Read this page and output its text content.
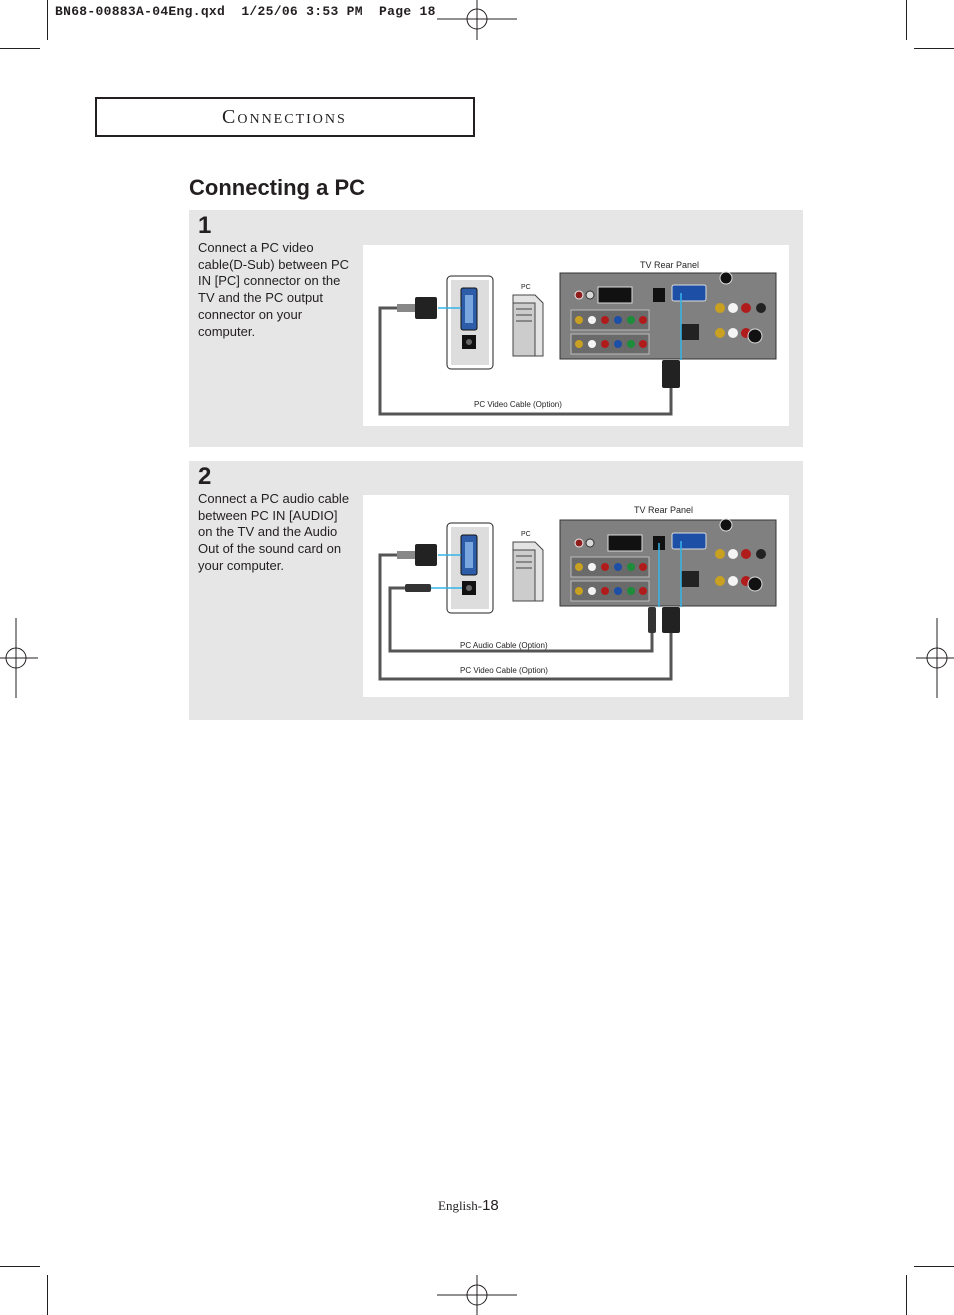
BN68-00883A-04Eng.qxd  1/25/06 3:53 PM  Page 18
CONNECTIONS
Connecting a PC
1
Connect a PC video cable(D-Sub) between PC IN [PC] connector on the TV and the PC output connector on your computer.
TV Rear Panel
PC
PC Video Cable (Option)
2
Connect a PC audio cable between PC IN [AUDIO] on the TV and the Audio Out of the sound card on your computer.
TV Rear Panel
PC
PC Audio Cable (Option)
PC Video Cable (Option)
English-18
